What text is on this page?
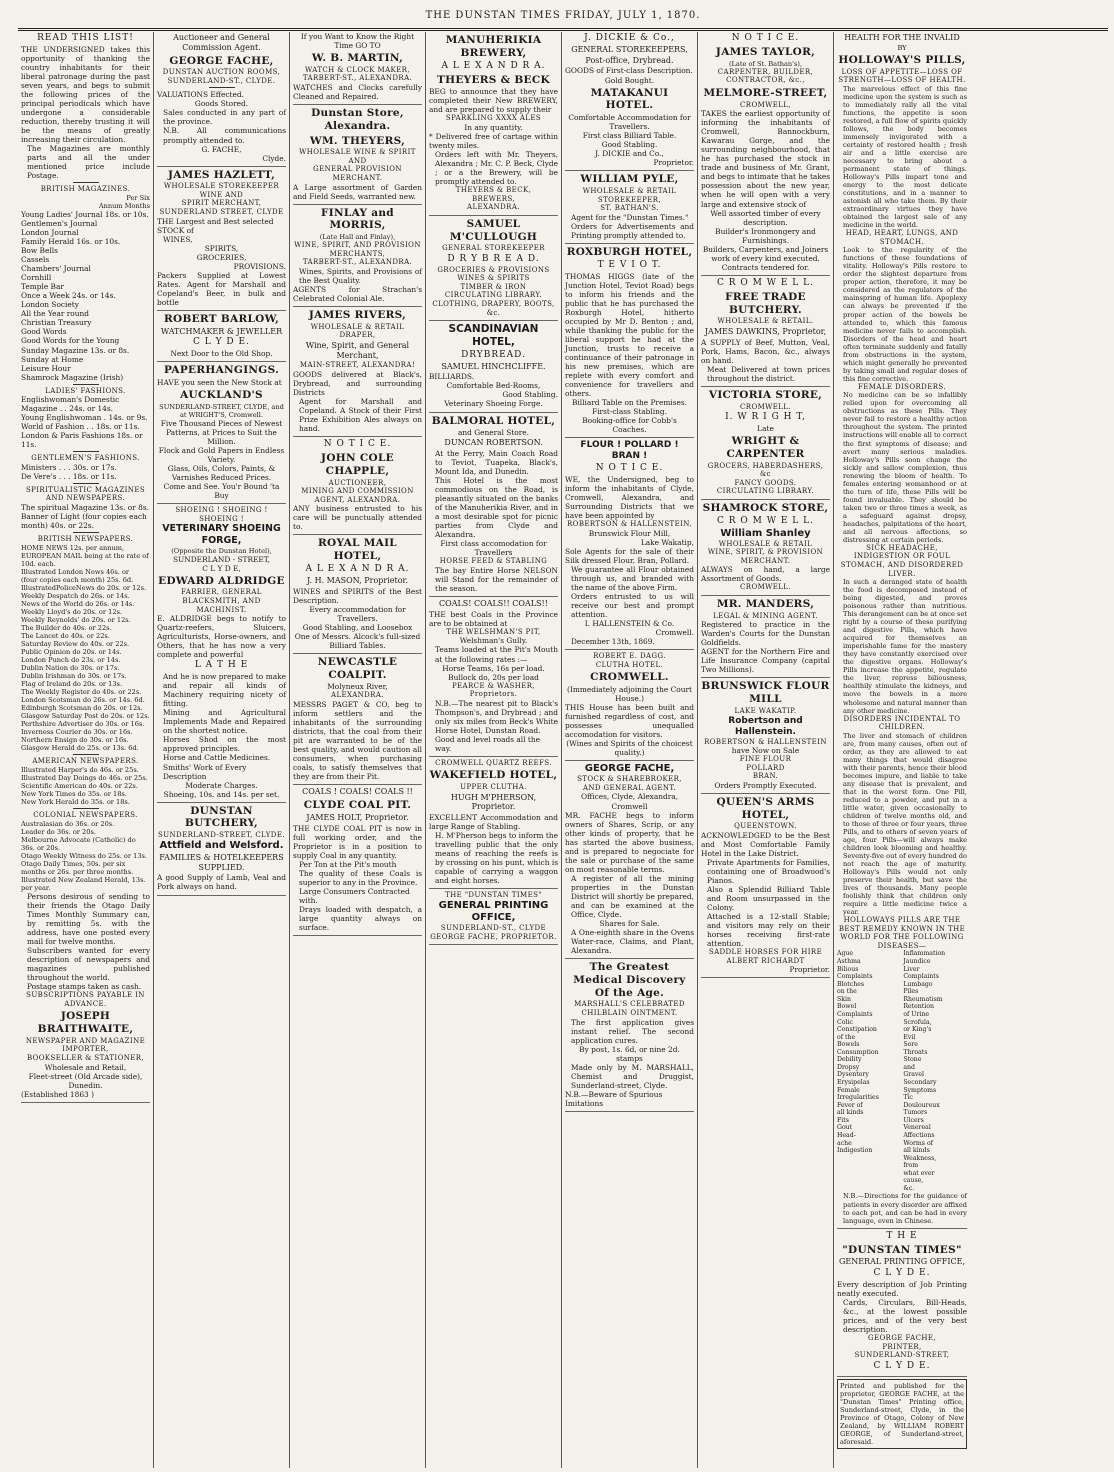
THE DUNSTAN TIMES FRIDAY, JULY 1, 1870.
READ THIS LIST!
THE UNDERSIGNED takes this opportunity of thanking the country inhabitants for their liberal patronage during the past seven years, and begs to submit the following prices of the principal periodicals which have undergone a considerable reduction, thereby trusting it will be the means of greatly increasing their circulation.
The Magazines are monthly parts and all the under mentioned price include Postage.
BRITISH MAGAZINES.
Per Six
Annum Months
Young Ladies' Journal 18s. or 10s.
Gentlemen's Journal
London Journal
Family Herald 16s. or 10s.
Bow Bells
Cassels
Chambers' Journal
Cornhill
Temple Bar
Once a Week 24s. or 14s.
London Society
All the Year round
Christian Treasury
Good Words
Good Words for the Young
Sunday Magazine 13s. or 8s.
Sunday at Home
Leisure Hour
Shamrock Magazine (Irish)
LADIES' FASHIONS.
Englishwoman's Domestic Magazine . . 24s. or 14s.
Young Englishwoman . 14s. or 9s.
World of Fashion . . 18s. or 11s.
London & Paris Fashions 18s. or 11s.
GENTLEMEN'S FASHIONS.
Ministers . . . 30s. or 17s.
De Vere's . . . 18s. or 11s.
SPIRITUALISTIC MAGAZINES AND NEWSPAPERS.
The spiritual Magazine 13s. or 8s.
Banner of Light (four copies each month) 40s. or 22s.
BRITISH NEWSPAPERS.
HOME NEWS 12s. per annum,
EUROPEAN MAIL being at the rate of 10d. each.
Illustrated London News 46s. or
(four copies each month) 25s. 6d.
IllustratedPoliceNews do 20s. or 12s.
Weekly Despatch do 26s. or 14s.
News of the World do 26s. or 14s.
Weekly Lloyd's do 20s. or 12s.
Weekly Reynolds' do 20s. or 12s.
The Builder do 40s. or 22s.
The Lancet do 40s. or 22s.
Saturday Review do 40s. or 22s.
Public Opinion do 20s. or 14s.
London Punch do 23s. or 14s.
Dublin Nation do 30s. or 17s.
Dublin Irishman do 30s. or 17s.
Flag of Ireland do 20s. or 13s.
The Weekly Register do 40s. or 22s.
London Scotsman do 26s. or 14s. 6d.
Edinburgh Scotsman do 20s. or 12s.
Glasgow Saturday Post do 20s. or 12s.
Perthshire Advertiser do 30s. or 16s.
Inverness Courier do 30s. or 16s.
Northern Ensign do 30s. or 16s.
Glasgow Herald do 25s. or 13s. 6d.
AMERICAN NEWSPAPERS.
Illustrated Harper's do 46s. or 25s.
Illustrated Day Doings do 46s. or 25s.
Scientific American do 40s. or 22s.
New York Times do 35s. or 18s.
New York Herald do 35s. or 18s.
COLONIAL NEWSPAPERS.
Australasian do 36s. or 20s.
Leader do 36s. or 20s.
Melbourne Advocate (Catholic) do 36s. or 20s.
Otago Weekly Witness do 25s. or 13s.
Otago Daily Times, 50s. per six months or 26s. per three months.
Illustrated New Zealand Herald, 13s. per year.
Persons desirous of sending to their friends the Otago Daily Times Monthly Summary can, by remitting 5s. with the address, have one posted every mail for twelve months.
Subscribers wanted for every description of newspapers and magazines published throughout the world.
Postage stamps taken as cash.
SUBSCRIPTIONS PAYABLE IN ADVANCE.
JOSEPH BRAITHWAITE,
NEWSPAPER AND MAGAZINE IMPORTER,
BOOKSELLER & STATIONER,
Wholesale and Retail,
Fleet-street (Old Arcade side),
Dunedin.
(Established 1863 )
Auctioneer and General Commission Agent.
GEORGE FACHE,
DUNSTAN AUCTION ROOMS,
SUNDERLAND-ST., CLYDE.
VALUATIONS Effected.
Goods Stored.
Sales conducted in any part of the province.
N.B. All communications promptly attended to.
G. FACHE,
Clyde.
JAMES HAZLETT,
WHOLESALE STOREKEEPER WINE AND
SPIRIT MERCHANT,
SUNDERLAND STREET, CLYDE
THE Largest and Best selected STOCK of
WINES,
SPIRITS,
GROCERIES,
PROVISIONS.
Packers Supplied at Lowest Rates. Agent for Marshall and Copeland's Beer, in bulk and bottle
ROBERT BARLOW,
WATCHMAKER & JEWELLER
C L Y D E.
Next Door to the Old Shop.
PAPERHANGINGS.
HAVE you seen the New Stock at
AUCKLAND'S
SUNDERLAND-STREET, CLYDE, and at WRIGHT'S, Cromwell.
Five Thousand Pieces of Newest Patterns, at Prices to Suit the Million.
Flock and Gold Papers in Endless Variety.
Glass, Oils, Colors, Paints, & Varnishes Reduced Prices.
Come and See. You'r Bound 'ta Buy
SHOEING ! SHOEING ! SHOEING !
VETERINARY SHOEING FORGE,
(Opposite the Dunstan Hotel),
SUNDERLAND - STREET,
C L Y D E,
EDWARD ALDRIDGE
FARRIER, GENERAL BLACKSMITH, AND MACHINIST.
E. ALDRIDGE begs to notify to Quartz-reefers, Sluicers, Agriculturists, Horse-owners, and Others, that he has now a very complete and powerful
L A T H E
And he is now prepared to make and repair all kinds of Machinery requiring nicety of fitting.
Mining and Agricultural Implements Made and Repaired on the shortest notice.
Horses Shod on the most approved principles.
Horse and Cattle Medicines.
Smiths' Work of Every Description
Moderate Charges.
Shoeing, 10s. and 14s. per set.
DUNSTAN BUTCHERY,
SUNDERLAND-STREET, CLYDE.
Attfield and Welsford.
FAMILIES & HOTELKEEPERS SUPPLIED.
A good Supply of Lamb, Veal and Pork always on hand.
If you Want to Know the Right Time GO TO
W. B. MARTIN,
WATCH & CLOCK MAKER,
TARBERT-ST., ALEXANDRA.
WATCHES and Clocks carefully Cleaned and Repaired.
Dunstan Store, Alexandra.
WM. THEYERS,
WHOLESALE WINE & SPIRIT
AND
GENERAL PROVISION
MERCHANT.
A Large assortment of Garden and Field Seeds, warranted new.
FINLAY and MORRIS,
(Late Hall and Finlay),
WINE, SPIRIT, AND PROVISION MERCHANTS,
TARBERT-ST., ALEXANDRA.
Wines, Spirits, and Provisions of the Best Quality.
AGENTS for Strachan's Celebrated Colonial Ale.
JAMES RIVERS,
WHOLESALE & RETAIL DRAPER,
Wine, Spirit, and General Merchant,
MAIN-STREET, ALEXANDRA!
GOODS delivered at Black's, Drybread, and surrounding Districts
Agent for Marshall and Copeland. A Stock of their First Prize Exhibition Ales always on hand.
N O T I C E.
JOHN COLE CHAPPLE,
AUCTIONEER,
MINING AND COMMISSION AGENT, ALEXANDRA.
ANY business entrusted to his care will be punctually attended to.
ROYAL MAIL HOTEL,
A L E X A N D R A.
J. H. MASON, Proprietor.
WINES and SPIRITS of the Best Description.
Every accommodation for Travellers.
Good Stabling, and Loosebox
One of Messrs. Alcock's full-sized Billiard Tables.
NEWCASTLE COALPIT.
Molyneux River,
ALEXANDRA.
MESSRS PAGET & CO, beg to inform settlers and the inhabitants of the surrounding districts, that the coal from their pit are warranted to be of the best quality, and would caution all consumers, when purchasing coals, to satisfy themselves that they are from their Pit.
COALS ! COALS! COALS !!
CLYDE COAL PIT.
JAMES HOLT, Proprietor.
THE CLYDE COAL PIT is now in full working order, and the Proprietor is in a position to supply Coal in any quantity.
Per Ton at the Pit's mouth
The quality of these Coals is superior to any in the Province.
Large Consumers Contracted with.
Drays loaded with despatch, a large quantity always on surface.
MANUHERIKIA BREWERY,
A L E X A N D R A.
THEYERS & BECK
BEG to announce that they have completed their New BREWERY, and are prepared to supply their
SPARKLING XXXX ALES
In any quantity.
* Delivered free of cartage within twenty miles.
Orders left with Mr. Theyers, Alexandra ; Mr. C. P. Beck, Clyde ; or a the Brewery, will be promptly attended to.
THEYERS & BECK,
BREWERS,
ALEXANDRA.
SAMUEL M'CULLOUGH
GENERAL STOREKEEPER
D R Y B R E A D.
GROCERIES & PROVISIONS
WINES & SPIRITS
TIMBER & IRON
CIRCULATING LIBRARY.
CLOTHING, DRAPERY, BOOTS, &c.
SCANDINAVIAN HOTEL,
DRYBREAD.
SAMUEL HINCHCLIFFE.
BILLIARDS.
Comfortable Bed-Rooms,
Good Stabling.
Veterinary Shoeing Forge.
BALMORAL HOTEL,
and General Store.
DUNCAN ROBERTSON.
At the Ferry, Main Coach Road to Teviot, Tuapeka, Black's, Mount Ida, and Dunedin.
This Hotel is the most commodious on the Road, is pleasantly situated on the banks of the Manuherikia River, and in a most desirable spot for picnic parties from Clyde and Alexandra.
First class accomodation for Travellers
HORSE FEED & STABLING
The bay Entire Horse NELSON will Stand for the remainder of the season.
COALS! COALS!! COALS!!
THE best Coals in the Province are to be obtained at
THE WELSHMAN'S PIT,
Welshman's Gully.
Teams loaded at the Pit's Mouth at the following rates :—
Horse Teams, 16s per load.
Bullock do, 20s per load
PEARCE & WASHER, Proprietors.
N.B.—The nearest pit to Black's Thompson's, and Drybread ; and only six miles from Beck's White Horse Hotel, Dunstan Road.
Good and level roads all the way.
CROMWELL QUARTZ REEFS.
WAKEFIELD HOTEL,
UPPER CLUTHA.
HUGH M'PHERSON, Proprietor.
EXCELLENT Accommodation and large Range of Stabling.
H. M'Pherson begs to inform the travelling public that the only means of reaching the reefs is by crossing on his punt, which is capable of carrying a waggon and eight horses.
THE "DUNSTAN TIMES"
GENERAL PRINTING OFFICE,
SUNDERLAND-ST., CLYDE
GEORGE FACHE, PROPRIETOR.
J. DICKIE & Co.,
GENERAL STOREKEEPERS,
Post-office, Drybread.
GOODS of First-class Description.
Gold Bought.
MATAKANUI HOTEL.
Comfortable Accommodation for Travellers.
First class Billiard Table.
Good Stabling.
J. DICKIE and Co.,
Proprietor.
WILLIAM PYLE,
WHOLESALE & RETAIL STOREKEEPER,
ST. BATHAN'S.
Agent for the "Dunstan Times."
Orders for Advertisements and Printing promptly attended to.
ROXBURGH HOTEL,
T E V I O T.
THOMAS HIGGS (late of the Junction Hotel, Teviot Road) begs to inform his friends and the public that he has purchased the Roxburgh Hotel, hitherto occupied by Mr D. Benton ; and, while thanking the public for the liberal support he had at the Junction, trusts to receive a continuance of their patronage in his new premises, which are replete with every comfort and convenience for travellers and others.
Billiard Table on the Premises.
First-class Stabling.
Booking-office for Cobb's Coaches.
FLOUR ! POLLARD ! BRAN !
N O T I C E.
WE, the Undersigned, beg to inform the inhabitants of Clyde, Cromwell, Alexandra, and Surrounding Districts that we have been appointed by
ROBERTSON & HALLENSTEIN,
Brunswick Flour Mill,
Lake Wakatip,
Sole Agents for the sale of their Silk dressed Flour, Bran, Pollard.
We guarantee all Flour obtained through us, and branded with the name of the above Firm.
Orders entrusted to us will receive our best and prompt attention.
I. HALLENSTEIN & Co.
Cromwell.
December 13th, 1869.
ROBERT E. DAGG.
CLUTHA HOTEL.
CROMWELL.
(Immediately adjoining the Court House.)
THIS House has been built and furnished regardless of cost, and possesses unequalled accomodation for visitors.
(Wines and Spirits of the choicest quality.)
GEORGE FACHE,
STOCK & SHAREBROKER,
AND GENERAL AGENT.
Offices, Clyde, Alexandra, Cromwell
MR. FACHE begs to inform owners of Shares, Scrip, or any other kinds of property, that he has started the above business, and is prepared to negociate for the sale or purchase of the same on most reasonable terms.
A register of all the mining properties in the Dunstan District will shortly be prepared, and can be examined at the Office, Clyde.
Shares for Sale.
A One-eighth share in the Ovens Water-race, Claims, and Plant, Alexandra.
The Greatest Medical Discovery Of the Age.
MARSHALL'S CELEBRATED CHILBLAIN OINTMENT.
The first application gives instant relief. The second application cures.
By post, 1s. 6d, or nine 2d. stamps
Made only by M. MARSHALL, Chemist and Druggist, Sunderland-street, Clyde.
N.B.—Beware of Spurious Imitations
N O T I C E.
JAMES TAYLOR,
(Late of St. Bathan's),
CARPENTER, BUILDER, CONTRACTOR, &c.,
MELMORE-STREET,
CROMWELL,
TAKES the earliest opportunity of informing the inhabitants of Cromwell, Bannockburn, Kawarau Gorge, and the surrounding neighbourhood, that he has purchased the stock in trade and business of Mr. Grant, and begs to intimate that he takes possession about the new year, when he will open with a very large and extensive stock of
Well assorted timber of every description.
Builder's Ironmongery and Furnishings.
Builders, Carpenters, and Joiners work of every kind executed.
Contracts tendered for.
C R O M W E L L.
FREE TRADE BUTCHERY.
WHOLESALE & RETAIL.
JAMES DAWKINS, Proprietor,
A SUPPLY of Beef, Mutton, Veal, Pork, Hams, Bacon, &c., always on hand.
Meat Delivered at town prices throughout the district.
VICTORIA STORE,
CROMWELL.
I. W R I G H T,
Late
WRIGHT & CARPENTER
GROCERS, HABERDASHERS, &c
FANCY GOODS.
CIRCULATING LIBRARY.
SHAMROCK STORE,
C R O M W E L L.
William Shanley
WHOLESALE & RETAIL
WINE, SPIRIT, & PROVISION
MERCHANT.
ALWAYS on hand, a large Assortment of Goods.
CROMWELL.
MR. MANDERS,
LEGAL & MINING AGENT.
Registered to practice in the Warden's Courts for the Dunstan Goldfields.
AGENT for the Northern Fire and Life Insurance Company (capital Two Millions).
BRUNSWICK FLOUR MILL
LAKE WAKATIP.
Robertson and Hallenstein.
ROBERTSON & HALLENSTEIN
have Now on Sale
FINE FLOUR
POLLARD
BRAN.
Orders Promptly Executed.
QUEEN'S ARMS HOTEL,
QUEENSTOWN.
ACKNOWLEDGED to be the Best and Most Comfortable Family Hotel in the Lake District.
Private Apartments for Families, containing one of Broadwood's Pianos.
Also a Splendid Billiard Table and Room unsurpassed in the Colony.
Attached is a 12-stall Stable; and visitors may rely on their horses receiving first-rate attention.
SADDLE HORSES FOR HIRE
ALBERT RICHARDT
Proprietor.
HEALTH FOR THE INVALID
BY
HOLLOWAY'S PILLS,
LOSS OF APPETITE—LOSS OF STRENGTH—LOSS OF HEALTH.
The marvelous effect of this fine medicine upon the system is such as to immediately rally all the vital functions, the appetite is soon restored, a full flow of spirits quickly follows, the body becomes immensely invigorated with a certainty of restored health ; fresh air and a little exercise are necessary to bring about a permanent state of things. Holloway's Pills impart tone and energy to the most delicate constitutions, and in a manner to astonish all who take them. By their extraordinary virtues they have obtained the largest sale of any medicine in the world.
HEAD, HEART, LUNGS, AND STOMACH.
Look to the regularity of the functions of these foundations of vitality. Holloway's Pills restore to order the slightest departure from proper action, therefore, it may be considered as the regulators of the mainspring of human life. Apoplexy can always be prevented if the proper action of the bowels be attended to, which this famous medicine never fails to accomplish. Disorders of the head and heart often terminate suddenly and fatally from obstructions in the system, which might generally be prevented by taking small and regular doses of this fine corrective.
FEMALE DISORDERS.
No medicine can be so infallibly relied upon for overcoming all obstructions as these Pills. They never fail to restore a healthy action throughout the system. The printed instructions will enable all to correct the first symptoms of disease; and avert many serious maladies. Holloway's Pills soon change the sickly and sallow complexion, thus renewing the bloom of health. To females entering womanhood or at the turn of life, these Pills will be found invaluable. They should be taken two or three times a week, as a safeguard against dropsy, headaches, palpitations of the heart, and all nervous affections, so distressing at certain periods.
SICK HEADACHE, INDIGESTION OR FOUL STOMACH, AND DISORDERED LIVER.
In such a deranged state of health the food is decomposed instead of being digested, and proves poisonous rather than nutritious. This derangement can be at once set right by a course of these purifying and digestive Pills, which have acquired for themselves an imperishable fame for the mastery they have constantly exercised over the digestive organs. Holloway's Pills increase the appetite, regulate the liver, repress biliousness, healthily stimulate the kidneys, and move the bowels in a more wholesome and natural manner than any other medicine.
DISORDERS INCIDENTAL TO CHILDREN.
The liver and stomach of children are, from many causes, often out of order, as they are allowed to eat many things that would disagree with their parents, hence their blood becomes impure, and liable to take any disease that is prevalent, and that in the worst form. One Pill, reduced to a powder, and put in a little water, given occasionally to children of twelve months old, and to those of three or four years, three Pills, and to others of seven years of age, four Pills—will always make children look blooming and healthy. Seventy-five out of every hundred do not reach the age of maturity. Holloway's Pills would not only preserve their health, but save the lives of thousands. Many people foolishly think that children only require a little medicine twice a year.
HOLLOWAYS PILLS ARE THE BEST REMEDY KNOWN IN THE WORLD FOR THE FOLLOWING DISEASES—
Ague
Asthma
Bilious Complaints
Blotches on the Skin
Bowel Complaints
Colic
Constipation of the Bowels
Consumption
Debility
Dropsy
Dysentery
Erysipelas
Female Irregularities
Fever of all kinds
Fits
Gout
Head-ache
Indigestion
Inflammation
Jaundice
Liver Complaints
Lumbago
Piles
Rheumatism
Retention of Urine
Scrofula, or King's Evil
Sore Throats
Stone and Gravel
Secondary Symptoms
Tic Douloureux
Tumors
Ulcers
Venereal Affections
Worms of all kinds
Weakness, from what ever cause, &c.
N.B.—Directions for the guidance of patients in every disorder are affixed to each pot, and can be had in every language, even in Chinese.
T H E
"DUNSTAN TIMES"
GENERAL PRINTING OFFICE,
C L Y D E.
Every description of Job Printing neatly executed.
Cards, Circulars, Bill-Heads, &c., at the lowest possible prices, and of the very best description.
GEORGE FACHE,
PRINTER,
SUNDERLAND-STREET,
C L Y D E.
Printed and published for the proprietor, GEORGE FACHE, at the "Dunstan Times" Printing office, Sunderland-street, Clyde, in the Province of Otago, Colony of New Zealand, by WILLIAM ROBERT GEORGE, of Sunderland-street, aforesaid.
